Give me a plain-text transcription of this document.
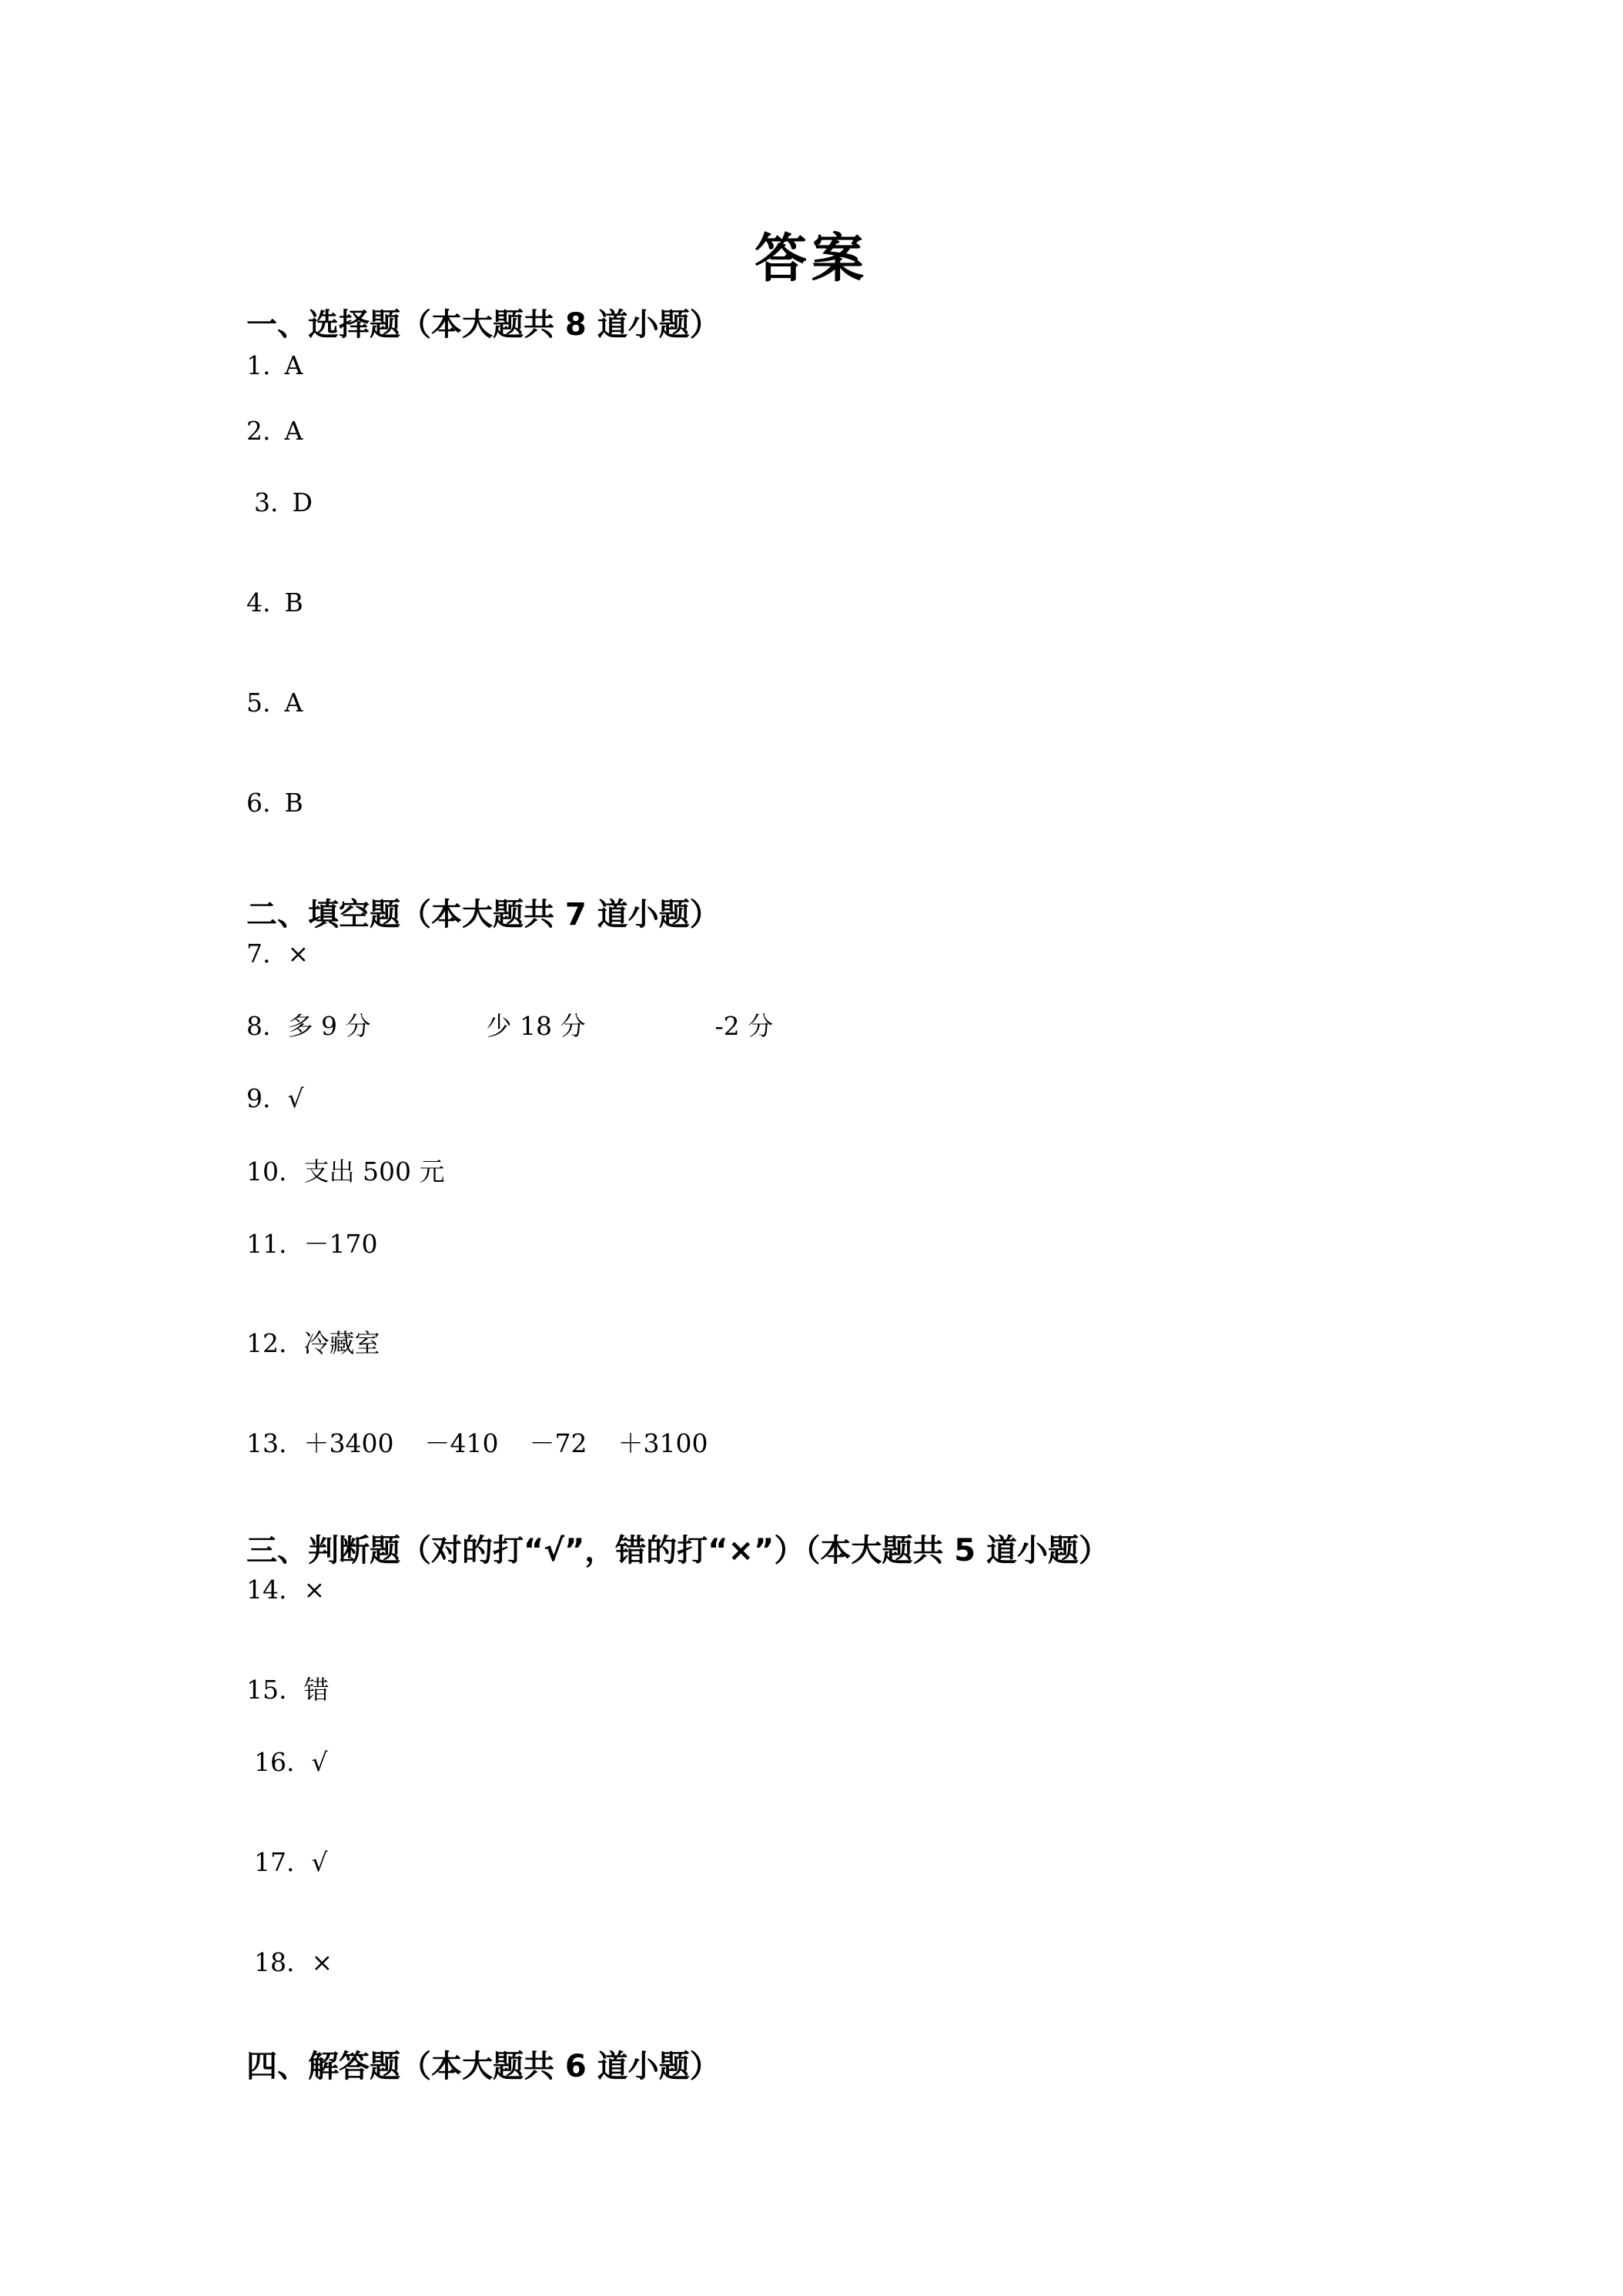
答案
一、选择题（本大题共 8 道小题）
1. A
2. A
3. D
4. B
5. A
6. B
二、填空题（本大题共 7 道小题）
7. ×
8. 多 9 分	少 18 分	-2 分
9. √
10. 支出 500 元
11. －170
12. 冷藏室
13. ＋3400 －410 －72 ＋3100
三、判断题（对的打“√”，错的打“×”）（本大题共 5 道小题）
14. ×
15. 错
16. √
17. √
18. ×
四、解答题（本大题共 6 道小题）
